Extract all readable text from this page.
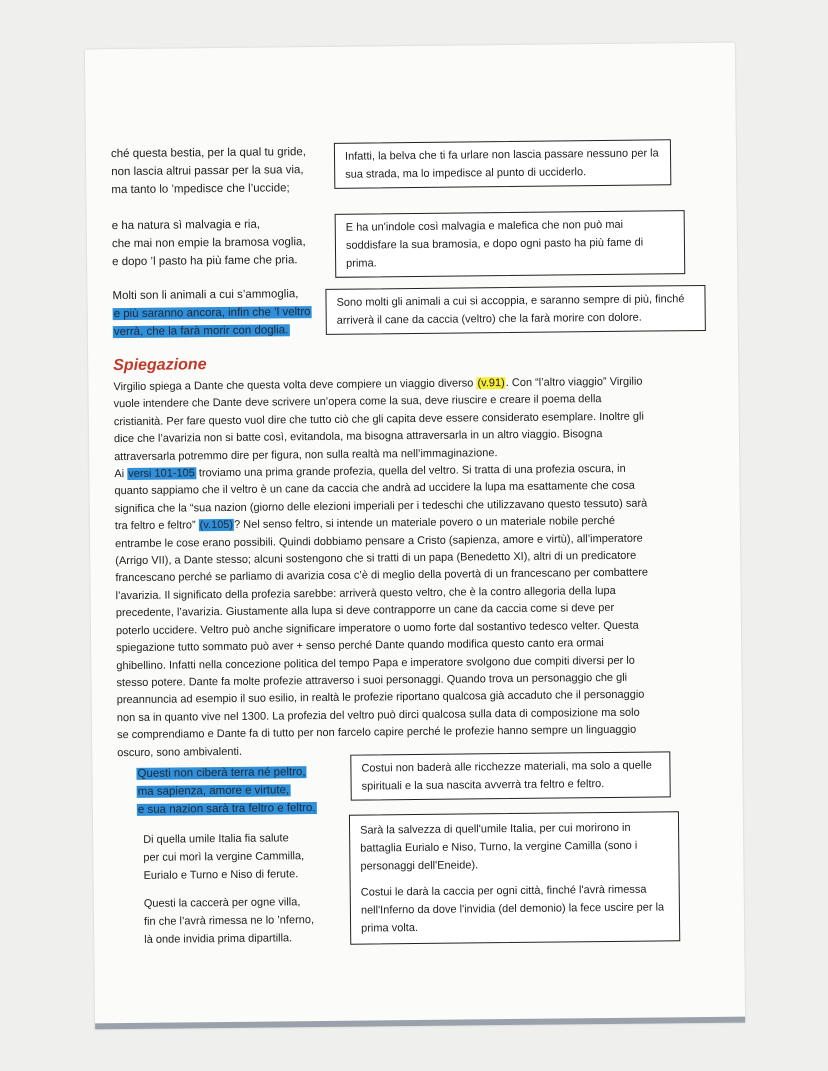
ché questa bestia, per la qual tu gride,
non lascia altrui passar per la sua via,
ma tanto lo ’mpedisce che l’uccide;

Infatti, la belva che ti fa urlare non lascia passare nessuno per la sua strada, ma lo impedisce al punto di ucciderlo.

e ha natura sì malvagia e ria,
che mai non empie la bramosa voglia,
e dopo ’l pasto ha più fame che pria.

E ha un'indole così malvagia e malefica che non può mai soddisfare la sua bramosia, e dopo ogni pasto ha più fame di prima.

Molti son li animali a cui s’ammoglia,
e più saranno ancora, infin che ’l veltro
verrà, che la farà morir con doglia.

Sono molti gli animali a cui si accoppia, e saranno sempre di più, finché arriverà il cane da caccia (veltro) che la farà morire con dolore.

Spiegazione

Virgilio spiega a Dante che questa volta deve compiere un viaggio diverso (v.91). Con “l’altro viaggio” Virgilio vuole intendere che Dante deve scrivere un’opera come la sua, deve riuscire e creare il poema della cristianità. Per fare questo vuol dire che tutto ciò che gli capita deve essere considerato esemplare. Inoltre gli dice che l’avarizia non si batte così, evitandola, ma bisogna attraversarla in un altro viaggio. Bisogna attraversarla potremmo dire per figura, non sulla realtà ma nell’immaginazione.

Ai versi 101-105 troviamo una prima grande profezia, quella del veltro. Si tratta di una profezia oscura, in quanto sappiamo che il veltro è un cane da caccia che andrà ad uccidere la lupa ma esattamente che cosa significa che la “sua nazion (giorno delle elezioni imperiali per i tedeschi che utilizzavano questo tessuto) sarà tra feltro e feltro” (v.105)? Nel senso feltro, si intende un materiale povero o un materiale nobile perché entrambe le cose erano possibili. Quindi dobbiamo pensare a Cristo (sapienza, amore e virtù), all’imperatore (Arrigo VII), a Dante stesso; alcuni sostengono che si tratti di un papa (Benedetto XI), altri di un predicatore francescano perché se parliamo di avarizia cosa c’è di meglio della povertà di un francescano per combattere l’avarizia. Il significato della profezia sarebbe: arriverà questo veltro, che è la contro allegoria della lupa precedente, l’avarizia. Giustamente alla lupa si deve contrapporre un cane da caccia come si deve per poterlo uccidere. Veltro può anche significare imperatore o uomo forte dal sostantivo tedesco velter. Questa spiegazione tutto sommato può aver + senso perché Dante quando modifica questo canto era ormai ghibellino. Infatti nella concezione politica del tempo Papa e imperatore svolgono due compiti diversi per lo stesso potere. Dante fa molte profezie attraverso i suoi personaggi. Quando trova un personaggio che gli preannuncia ad esempio il suo esilio, in realtà le profezie riportano qualcosa già accaduto che il personaggio non sa in quanto vive nel 1300. La profezia del veltro può dirci qualcosa sulla data di composizione ma solo se comprendiamo e Dante fa di tutto per non farcelo capire perché le profezie hanno sempre un linguaggio oscuro, sono ambivalenti.

Questi non ciberà terra né peltro,
ma sapienza, amore e virtute,
e sua nazion sarà tra feltro e feltro.

Costui non baderà alle ricchezze materiali, ma solo a quelle spirituali e la sua nascita avverrà tra feltro e feltro.

Di quella umile Italia fia salute
per cui morì la vergine Cammilla,
Eurialo e Turno e Niso di ferute.
Questi la caccerà per ogne villa,
fin che l’avrà rimessa ne lo ’nferno,
là onde invidia prima dipartilla.

Sarà la salvezza di quell'umile Italia, per cui morirono in battaglia Eurialo e Niso, Turno, la vergine Camilla (sono i personaggi dell'Eneide).

Costui le darà la caccia per ogni città, finché l'avrà rimessa nell'Inferno da dove l'invidia (del demonio) la fece uscire per la prima volta.
